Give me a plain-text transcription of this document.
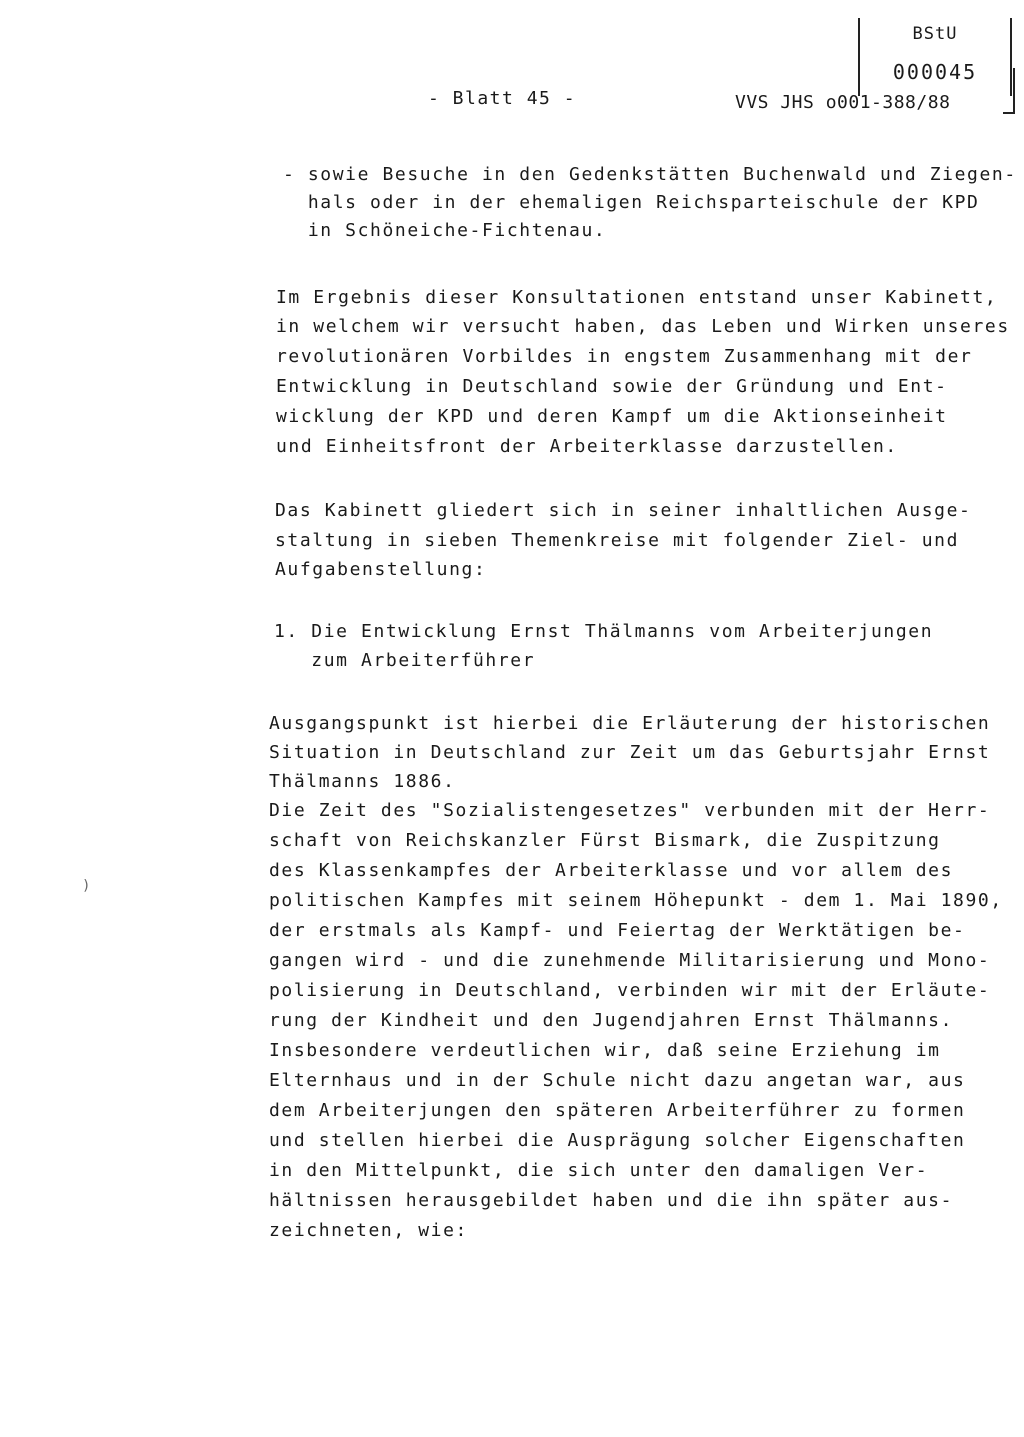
BStU
000045
- Blatt 45 -	VVS JHS o001-388/88
- sowie Besuche in den Gedenkstätten Buchenwald und Ziegen-
hals oder in der ehemaligen Reichsparteischule der KPD
in Schöneiche-Fichtenau.
Im Ergebnis dieser Konsultationen entstand unser Kabinett,
in welchem wir versucht haben, das Leben und Wirken unseres
revolutionären Vorbildes in engstem Zusammenhang mit der
Entwicklung in Deutschland sowie der Gründung und Ent-
wicklung der KPD und deren Kampf um die Aktionseinheit
und Einheitsfront der Arbeiterklasse darzustellen.
Das Kabinett gliedert sich in seiner inhaltlichen Ausge-
staltung in sieben Themenkreise mit folgender Ziel- und
Aufgabenstellung:
1. Die Entwicklung Ernst Thälmanns vom Arbeiterjungen
zum Arbeiterführer
Ausgangspunkt ist hierbei die Erläuterung der historischen
Situation in Deutschland zur Zeit um das Geburtsjahr Ernst
Thälmanns 1886.
Die Zeit des "Sozialistengesetzes" verbunden mit der Herr-
schaft von Reichskanzler Fürst Bismark, die Zuspitzung
des Klassenkampfes der Arbeiterklasse und vor allem des
politischen Kampfes mit seinem Höhepunkt - dem 1. Mai 1890,
der erstmals als Kampf- und Feiertag der Werktätigen be-
gangen wird - und die zunehmende Militarisierung und Mono-
polisierung in Deutschland, verbinden wir mit der Erläute-
rung der Kindheit und den Jugendjahren Ernst Thälmanns.
Insbesondere verdeutlichen wir, daß seine Erziehung im
Elternhaus und in der Schule nicht dazu angetan war, aus
dem Arbeiterjungen den späteren Arbeiterführer zu formen
und stellen hierbei die Ausprägung solcher Eigenschaften
in den Mittelpunkt, die sich unter den damaligen Ver-
hältnissen herausgebildet haben und die ihn später aus-
zeichneten, wie:
)
